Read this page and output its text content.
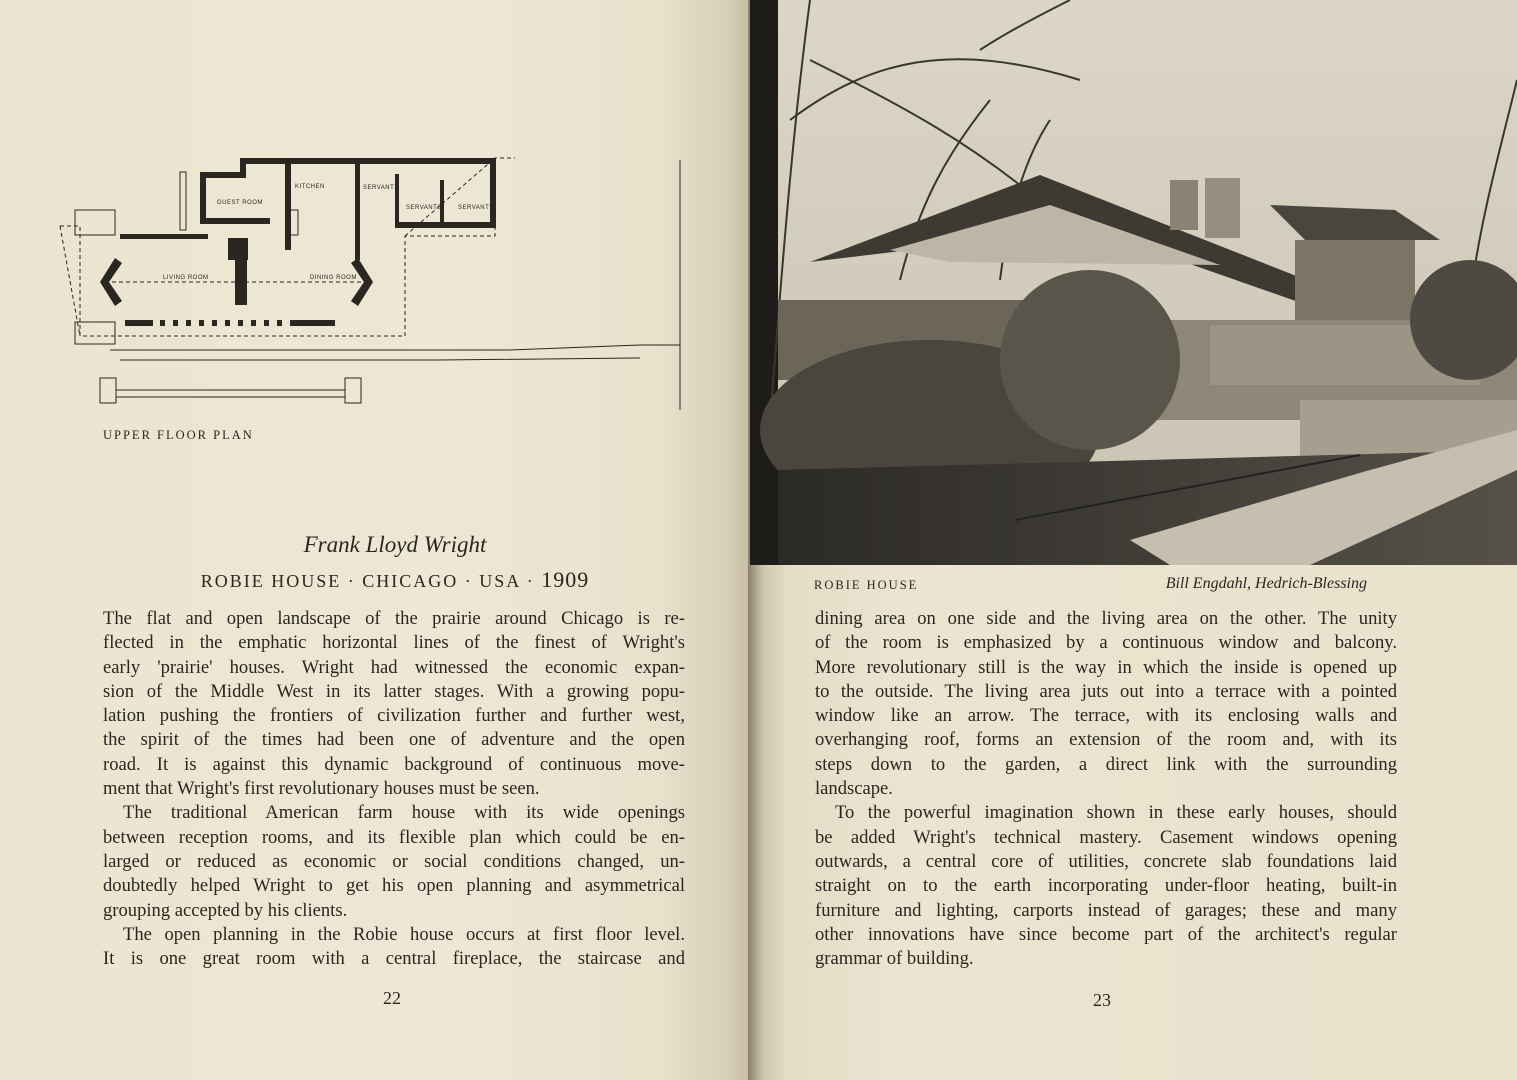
GUEST ROOM
KITCHEN	SERVANTS
SERVANTS	SERVANTS
LIVING ROOM	DINING ROOM
UPPER FLOOR PLAN
Frank Lloyd Wright
ROBIE HOUSE · CHICAGO · USA · 1909
The flat and open landscape of the prairie around Chicago is re-
flected in the emphatic horizontal lines of the finest of Wright's
early 'prairie' houses. Wright had witnessed the economic expan-
sion of the Middle West in its latter stages. With a growing popu-
lation pushing the frontiers of civilization further and further west,
the spirit of the times had been one of adventure and the open
road. It is against this dynamic background of continuous move-
ment that Wright's first revolutionary houses must be seen.
The traditional American farm house with its wide openings
between reception rooms, and its flexible plan which could be en-
larged or reduced as economic or social conditions changed, un-
doubtedly helped Wright to get his open planning and asymmetrical
grouping accepted by his clients.
The open planning in the Robie house occurs at first floor level.
It is one great room with a central fireplace, the staircase and
22
ROBIE HOUSE	Bill Engdahl, Hedrich-Blessing
dining area on one side and the living area on the other. The unity
of the room is emphasized by a continuous window and balcony.
More revolutionary still is the way in which the inside is opened up
to the outside. The living area juts out into a terrace with a pointed
window like an arrow. The terrace, with its enclosing walls and
overhanging roof, forms an extension of the room and, with its
steps down to the garden, a direct link with the surrounding
landscape.
To the powerful imagination shown in these early houses, should
be added Wright's technical mastery. Casement windows opening
outwards, a central core of utilities, concrete slab foundations laid
straight on to the earth incorporating under-floor heating, built-in
furniture and lighting, carports instead of garages; these and many
other innovations have since become part of the architect's regular
grammar of building.
23
